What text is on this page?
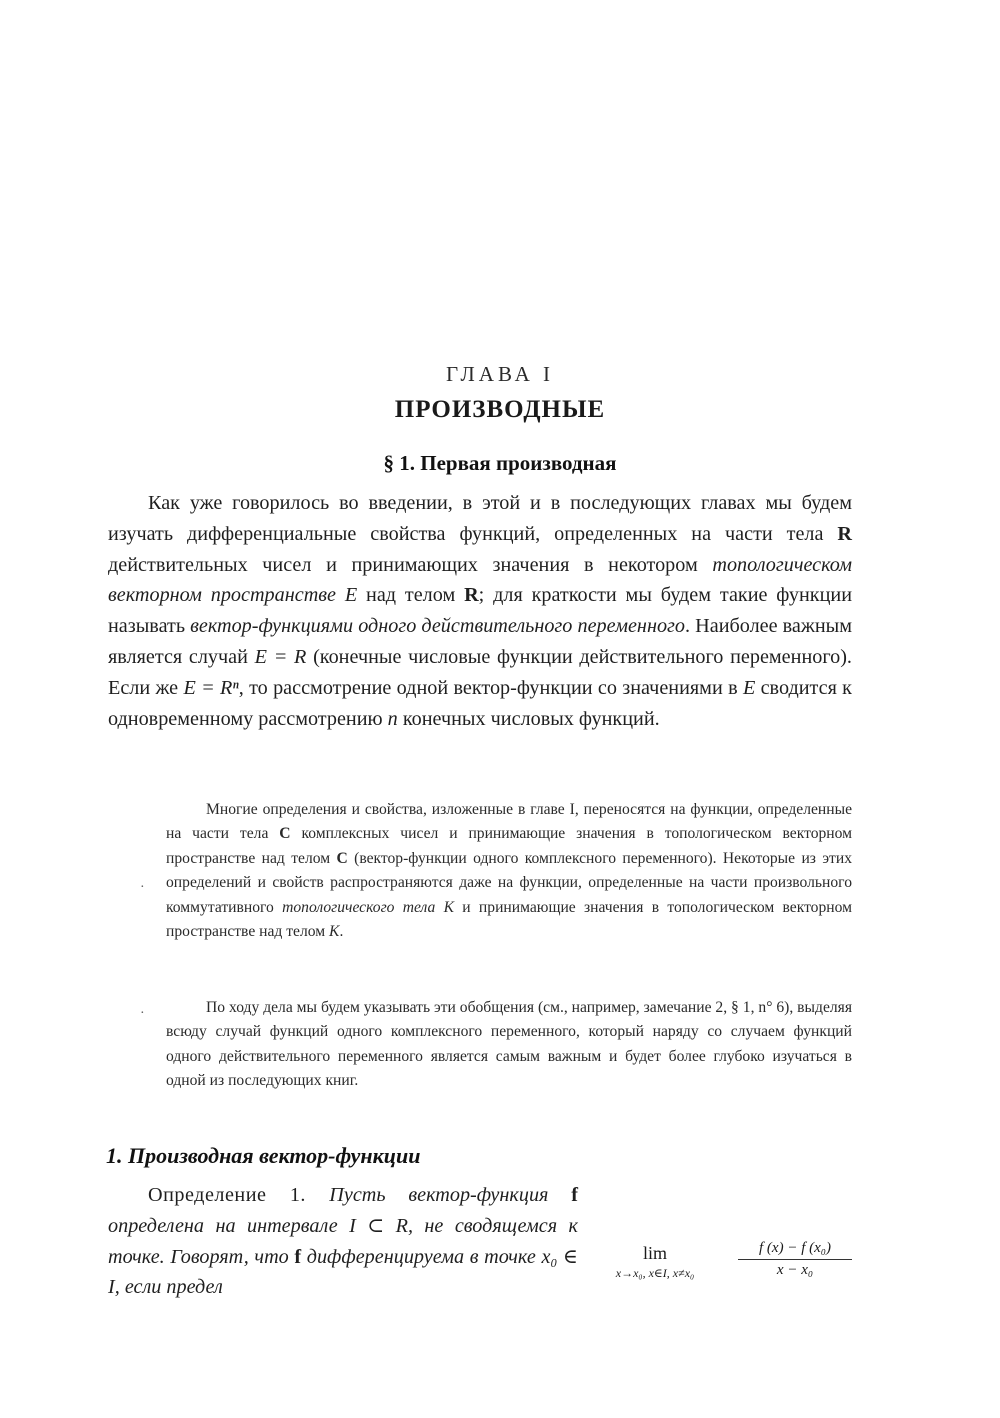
ГЛАВА I
ПРОИЗВОДНЫЕ
§ 1. Первая производная
Как уже говорилось во введении, в этой и в последующих главах мы будем изучать дифференциальные свойства функций, определенных на части тела R действительных чисел и принимающих значения в некотором топологическом векторном пространстве E над телом R; для краткости мы будем такие функции называть вектор-функциями одного действительного переменного. Наиболее важным является случай E = R (конечные числовые функции действительного переменного). Если же E = Rⁿ, то рассмотрение одной вектор-функции со значениями в E сводится к одновременному рассмотрению n конечных числовых функций.
Многие определения и свойства, изложенные в главе I, переносятся на функции, определенные на части тела C комплексных чисел и принимающие значения в топологическом векторном пространстве над телом C (вектор-функции одного комплексного переменного). Некоторые из этих определений и свойств распространяются даже на функции, определенные на части произвольного коммутативного топологического тела K и принимающие значения в топологическом векторном пространстве над телом K.
По ходу дела мы будем указывать эти обобщения (см., например, замечание 2, § 1, n° 6), выделяя всюду случай функций одного комплексного переменного, который наряду со случаем функций одного действительного переменного является самым важным и будет более глубоко изучаться в одной из последующих книг.
1. Производная вектор-функции
Определение 1. Пусть вектор-функция f определена на интервале I ⊂ R, не сводящемся к точке. Говорят, что f дифференцируема в точке x₀ ∈ I, если предел
lim
x→x₀, x∈I, x≠x₀	$\frac{\text{f (x) − f (x₀)}}{\text{x − x₀}}$
·
·
